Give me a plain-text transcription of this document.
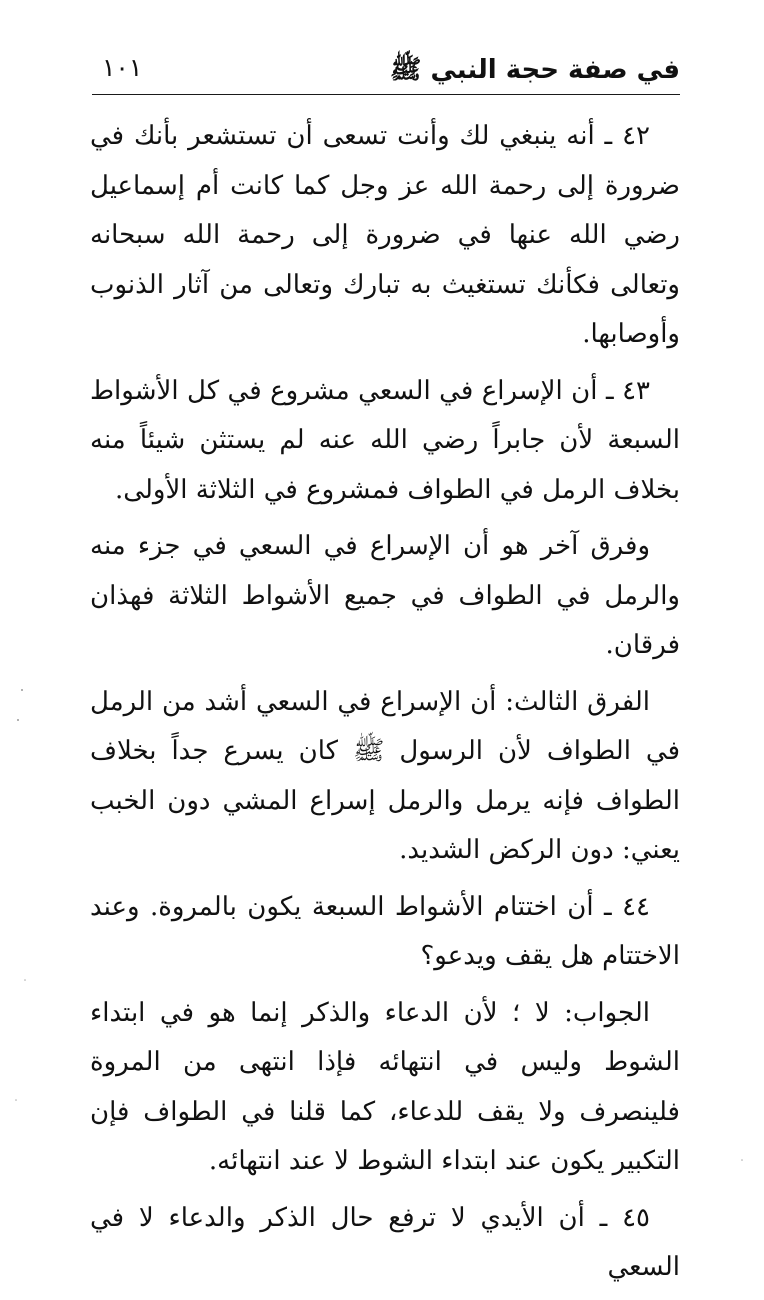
في صفة حجة النبي ﷺ
١٠١

٤٢ ـ أنه ينبغي لك وأنت تسعى أن تستشعر بأنك في ضرورة إلى رحمة الله عز وجل كما كانت أم إسماعيل رضي الله عنها في ضرورة إلى رحمة الله سبحانه وتعالى فكأنك تستغيث به تبارك وتعالى من آثار الذنوب وأوصابها.

٤٣ ـ أن الإسراع في السعي مشروع في كل الأشواط السبعة لأن جابراً رضي الله عنه لم يستثن شيئاً منه بخلاف الرمل في الطواف فمشروع في الثلاثة الأولى.

وفرق آخر هو أن الإسراع في السعي في جزء منه والرمل في الطواف في جميع الأشواط الثلاثة فهذان فرقان.

الفرق الثالث: أن الإسراع في السعي أشد من الرمل في الطواف لأن الرسول ﷺ كان يسرع جداً بخلاف الطواف فإنه يرمل والرمل إسراع المشي دون الخبب يعني: دون الركض الشديد.

٤٤ ـ أن اختتام الأشواط السبعة يكون بالمروة. وعند الاختتام هل يقف ويدعو؟

الجواب: لا ؛ لأن الدعاء والذكر إنما هو في ابتداء الشوط وليس في انتهائه فإذا انتهى من المروة فلينصرف ولا يقف للدعاء، كما قلنا في الطواف فإن التكبير يكون عند ابتداء الشوط لا عند انتهائه.

٤٥ ـ أن الأيدي لا ترفع حال الذكر والدعاء لا في السعي
